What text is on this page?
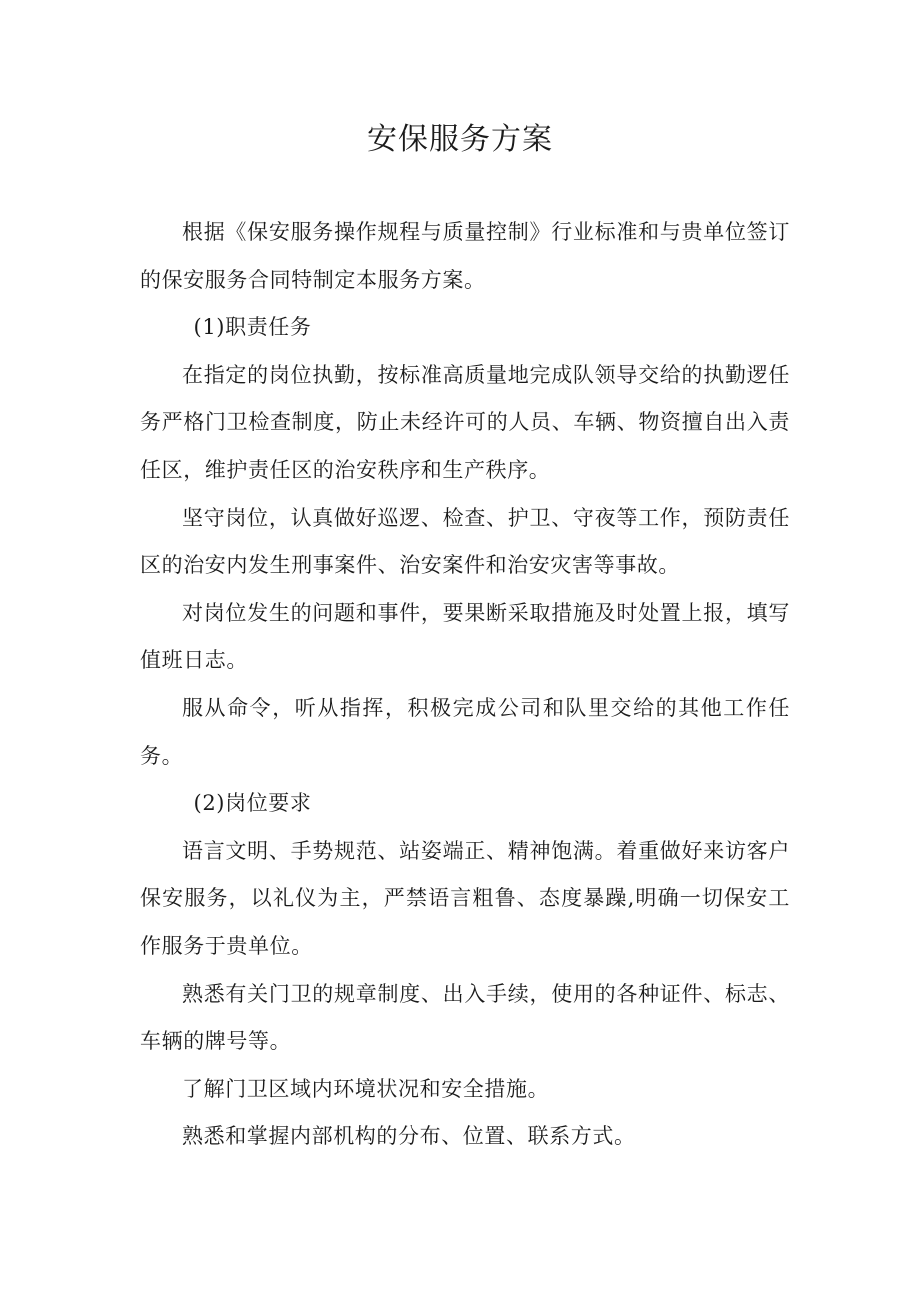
安保服务方案

根据《保安服务操作规程与质量控制》行业标准和与贵单位签订的保安服务合同特制定本服务方案。

(1)职责任务

在指定的岗位执勤，按标准高质量地完成队领导交给的执勤逻任务严格门卫检查制度，防止未经许可的人员、车辆、物资擅自出入责任区，维护责任区的治安秩序和生产秩序。

坚守岗位，认真做好巡逻、检查、护卫、守夜等工作，预防责任区的治安内发生刑事案件、治安案件和治安灾害等事故。

对岗位发生的问题和事件，要果断采取措施及时处置上报，填写值班日志。

服从命令，听从指挥，积极完成公司和队里交给的其他工作任务。

(2)岗位要求

语言文明、手势规范、站姿端正、精神饱满。着重做好来访客户保安服务，以礼仪为主，严禁语言粗鲁、态度暴躁,明确一切保安工作服务于贵单位。

熟悉有关门卫的规章制度、出入手续，使用的各种证件、标志、车辆的牌号等。

了解门卫区域内环境状况和安全措施。

熟悉和掌握内部机构的分布、位置、联系方式。
